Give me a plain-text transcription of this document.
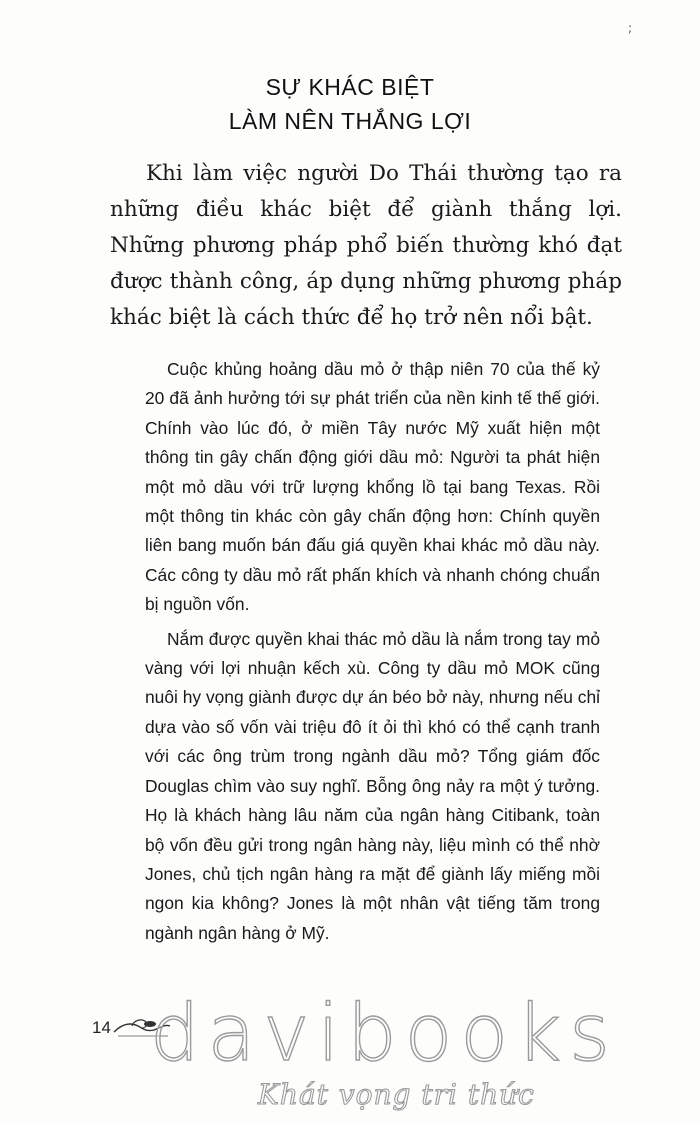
;
SỰ KHÁC BIỆT
LÀM NÊN THẮNG LỢI

Khi làm việc người Do Thái thường tạo ra những điều khác biệt để giành thắng lợi. Những phương pháp phổ biến thường khó đạt được thành công, áp dụng những phương pháp khác biệt là cách thức để họ trở nên nổi bật.

Cuộc khủng hoảng dầu mỏ ở thập niên 70 của thế kỷ 20 đã ảnh hưởng tới sự phát triển của nền kinh tế thế giới. Chính vào lúc đó, ở miền Tây nước Mỹ xuất hiện một thông tin gây chấn động giới dầu mỏ: Người ta phát hiện một mỏ dầu với trữ lượng khổng lồ tại bang Texas. Rồi một thông tin khác còn gây chấn động hơn: Chính quyền liên bang muốn bán đấu giá quyền khai khác mỏ dầu này. Các công ty dầu mỏ rất phấn khích và nhanh chóng chuẩn bị nguồn vốn.

Nắm được quyền khai thác mỏ dầu là nắm trong tay mỏ vàng với lợi nhuận kếch xù. Công ty dầu mỏ MOK cũng nuôi hy vọng giành được dự án béo bở này, nhưng nếu chỉ dựa vào số vốn vài triệu đô ít ỏi thì khó có thể cạnh tranh với các ông trùm trong ngành dầu mỏ? Tổng giám đốc Douglas chìm vào suy nghĩ. Bỗng ông nảy ra một ý tưởng. Họ là khách hàng lâu năm của ngân hàng Citibank, toàn bộ vốn đều gửi trong ngân hàng này, liệu mình có thể nhờ Jones, chủ tịch ngân hàng ra mặt để giành lấy miếng mồi ngon kia không? Jones là một nhân vật tiếng tăm trong ngành ngân hàng ở Mỹ.

14 davibooks
Khát vọng tri thức
